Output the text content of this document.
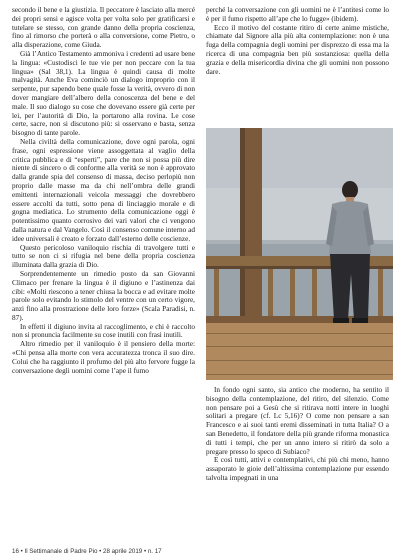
secondo il bene e la giustizia. Il peccatore è lasciato alla mercé dei propri sensi e agisce volta per volta solo per gratificarsi e tutelare se stesso, con grande danno della propria coscienza, fino al rimorso che porterà o alla conversione, come Pietro, o alla disperazione, come Giuda.

Già l’Antico Testamento ammoniva i credenti ad usare bene la lingua: «Custodisci le tue vie per non peccare con la tua lingua» (Sal 38,1). La lingua è quindi causa di molte malvagità. Anche Eva cominciò un dialogo improprio con il serpente, pur sapendo bene quale fosse la verità, ovvero di non dover mangiare dell’albero della conoscenza del bene e del male. Il suo dialogo su cose che dovevano essere già certe per lei, per l’autorità di Dio, la portarono alla rovina. Le cose certe, sacre, non si discutono più: si osservano e basta, senza bisogno di tante parole.

Nella civiltà della comunicazione, dove ogni parola, ogni frase, ogni espressione viene assoggettata al vaglio della critica pubblica e di “esperti”, pare che non si possa più dire niente di sincero o di conforme alla verità se non è approvato dalla grande spia del consenso di massa, deciso perlopiù non proprio dalle masse ma da chi nell’ombra delle grandi emittenti internazionali veicola messaggi che dovrebbero essere accolti da tutti, sotto pena di linciaggio morale e di gogna mediatica. Lo strumento della comunicazione oggi è potentissimo quanto corrosivo dei vari valori che ci vengono dalla natura e dal Vangelo. Così il consenso comune interno ad idee universali è creato e forzato dall’esterno delle coscienze.

Questo pericoloso vaniloquio rischia di travolgere tutti e tutto se non ci si rifugia nel bene della propria coscienza illuminata dalla grazia di Dio.

Sorprendentemente un rimedio posto da san Giovanni Climaco per frenare la lingua è il digiuno e l’astinenza dai cibi: «Molti riescono a tener chiusa la bocca e ad evitare molte parole solo evitando lo stimolo del ventre con un certo vigore, anzi fino alla prostrazione delle loro forze» (Scala Paradisi, n. 87).

In effetti il digiuno invita al raccoglimento, e chi è raccolto non si pronuncia facilmente su cose inutili con frasi inutili.

Altro rimedio per il vaniloquio è il pensiero della morte: «Chi pensa alla morte con vera accuratezza tronca il suo dire. Colui che ha raggiunto il profumo del più alto fervore fugge la conversazione degli uomini come l’ape il fumo

perché la conversazione con gli uomini ne è l’antitesi come lo è per il fumo rispetto all’ape che lo fugge» (ibidem).

Ecco il motivo del costante ritiro di certe anime mistiche, chiamate dal Signore alla più alta contemplazione: non è una fuga della compagnia degli uomini per disprezzo di essa ma la ricerca di una compagnia ben più sostanziosa: quella della grazia e della misericordia divina che gli uomini non possono dare.

In fondo ogni santo, sia antico che moderno, ha sentito il bisogno della contemplazione, del ritiro, del silenzio. Come non pensare poi a Gesù che si ritirava notti intere in luoghi solitari a pregare (cf. Lc 5,16)? O come non pensare a san Francesco e ai suoi tanti eremi disseminati in tutta Italia? O a san Benedetto, il fondatore della più grande riforma monastica di tutti i tempi, che per un anno intero si ritirò da solo a pregare presso lo speco di Subiaco?

E così tutti, attivi e contemplativi, chi più chi meno, hanno assaporato le gioie dell’altissima contemplazione pur essendo talvolta impegnati in una

16 • Il Settimanale di Padre Pio • 28 aprile 2019 • n. 17
